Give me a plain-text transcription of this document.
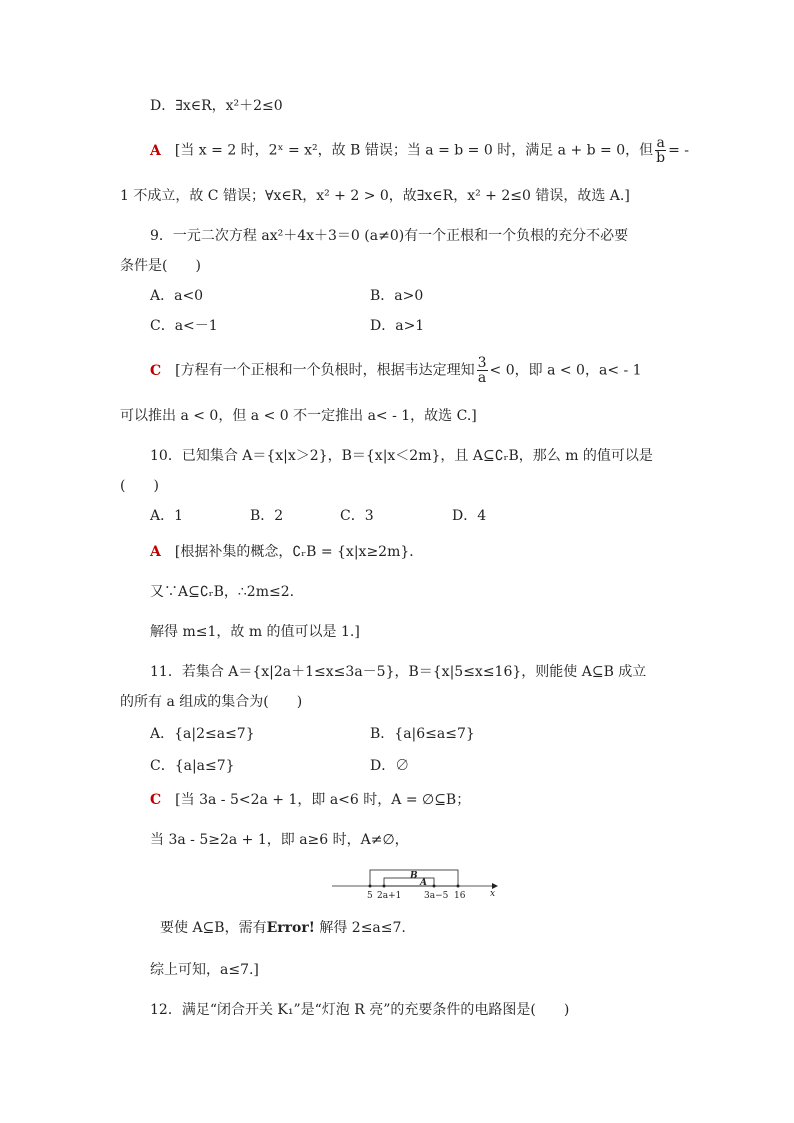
D．∃x∈R，x²＋2≤0
A [当 x = 2 时，2ˣ = x²，故 B 错误；当 a = b = 0 时，满足 a + b = 0，但 $\frac{a}{b}$ = -
1 不成立，故 C 错误；∀x∈R，x² + 2 > 0，故∃x∈R，x² + 2≤0 错误，故选 A.]
9．一元二次方程 ax²＋4x＋3＝0 (a≠0)有一个正根和一个负根的充分不必要
条件是(　　)
A．a<0	B．a>0
C．a<－1	D．a>1
C [方程有一个正根和一个负根时，根据韦达定理知 $\frac{3}{a} < 0$，即 a < 0，a< - 1
可以推出 a < 0，但 a < 0 不一定推出 a< - 1，故选 C.]
10．已知集合 A＝{x|x＞2}，B＝{x|x＜2m}，且 A⊆∁ᵣB，那么 m 的值可以是
(　　)
A．1	B．2	C．3	D．4
A [根据补集的概念，∁ᵣB = {x|x≥2m}．
又∵A⊆∁ᵣB，∴2m≤2.
解得 m≤1，故 m 的值可以是 1.]
11．若集合 A＝{x|2a＋1≤x≤3a－5}，B＝{x|5≤x≤16}，则能使 A⊆B 成立
的所有 a 组成的集合为(　　)
A．{a|2≤a≤7}	B．{a|6≤a≤7}
C．{a|a≤7}	D．∅
C [当 3a - 5<2a + 1，即 a<6 时，A = ∅⊆B；
当 3a - 5≥2a + 1，即 a≥6 时，A≠∅，
B
A
5 2a+1	3a−5 16	x
要使 A⊆B，需有Error! 解得 2≤a≤7.
综上可知，a≤7.]
12．满足“闭合开关 K₁”是“灯泡 R 亮”的充要条件的电路图是(　　)
